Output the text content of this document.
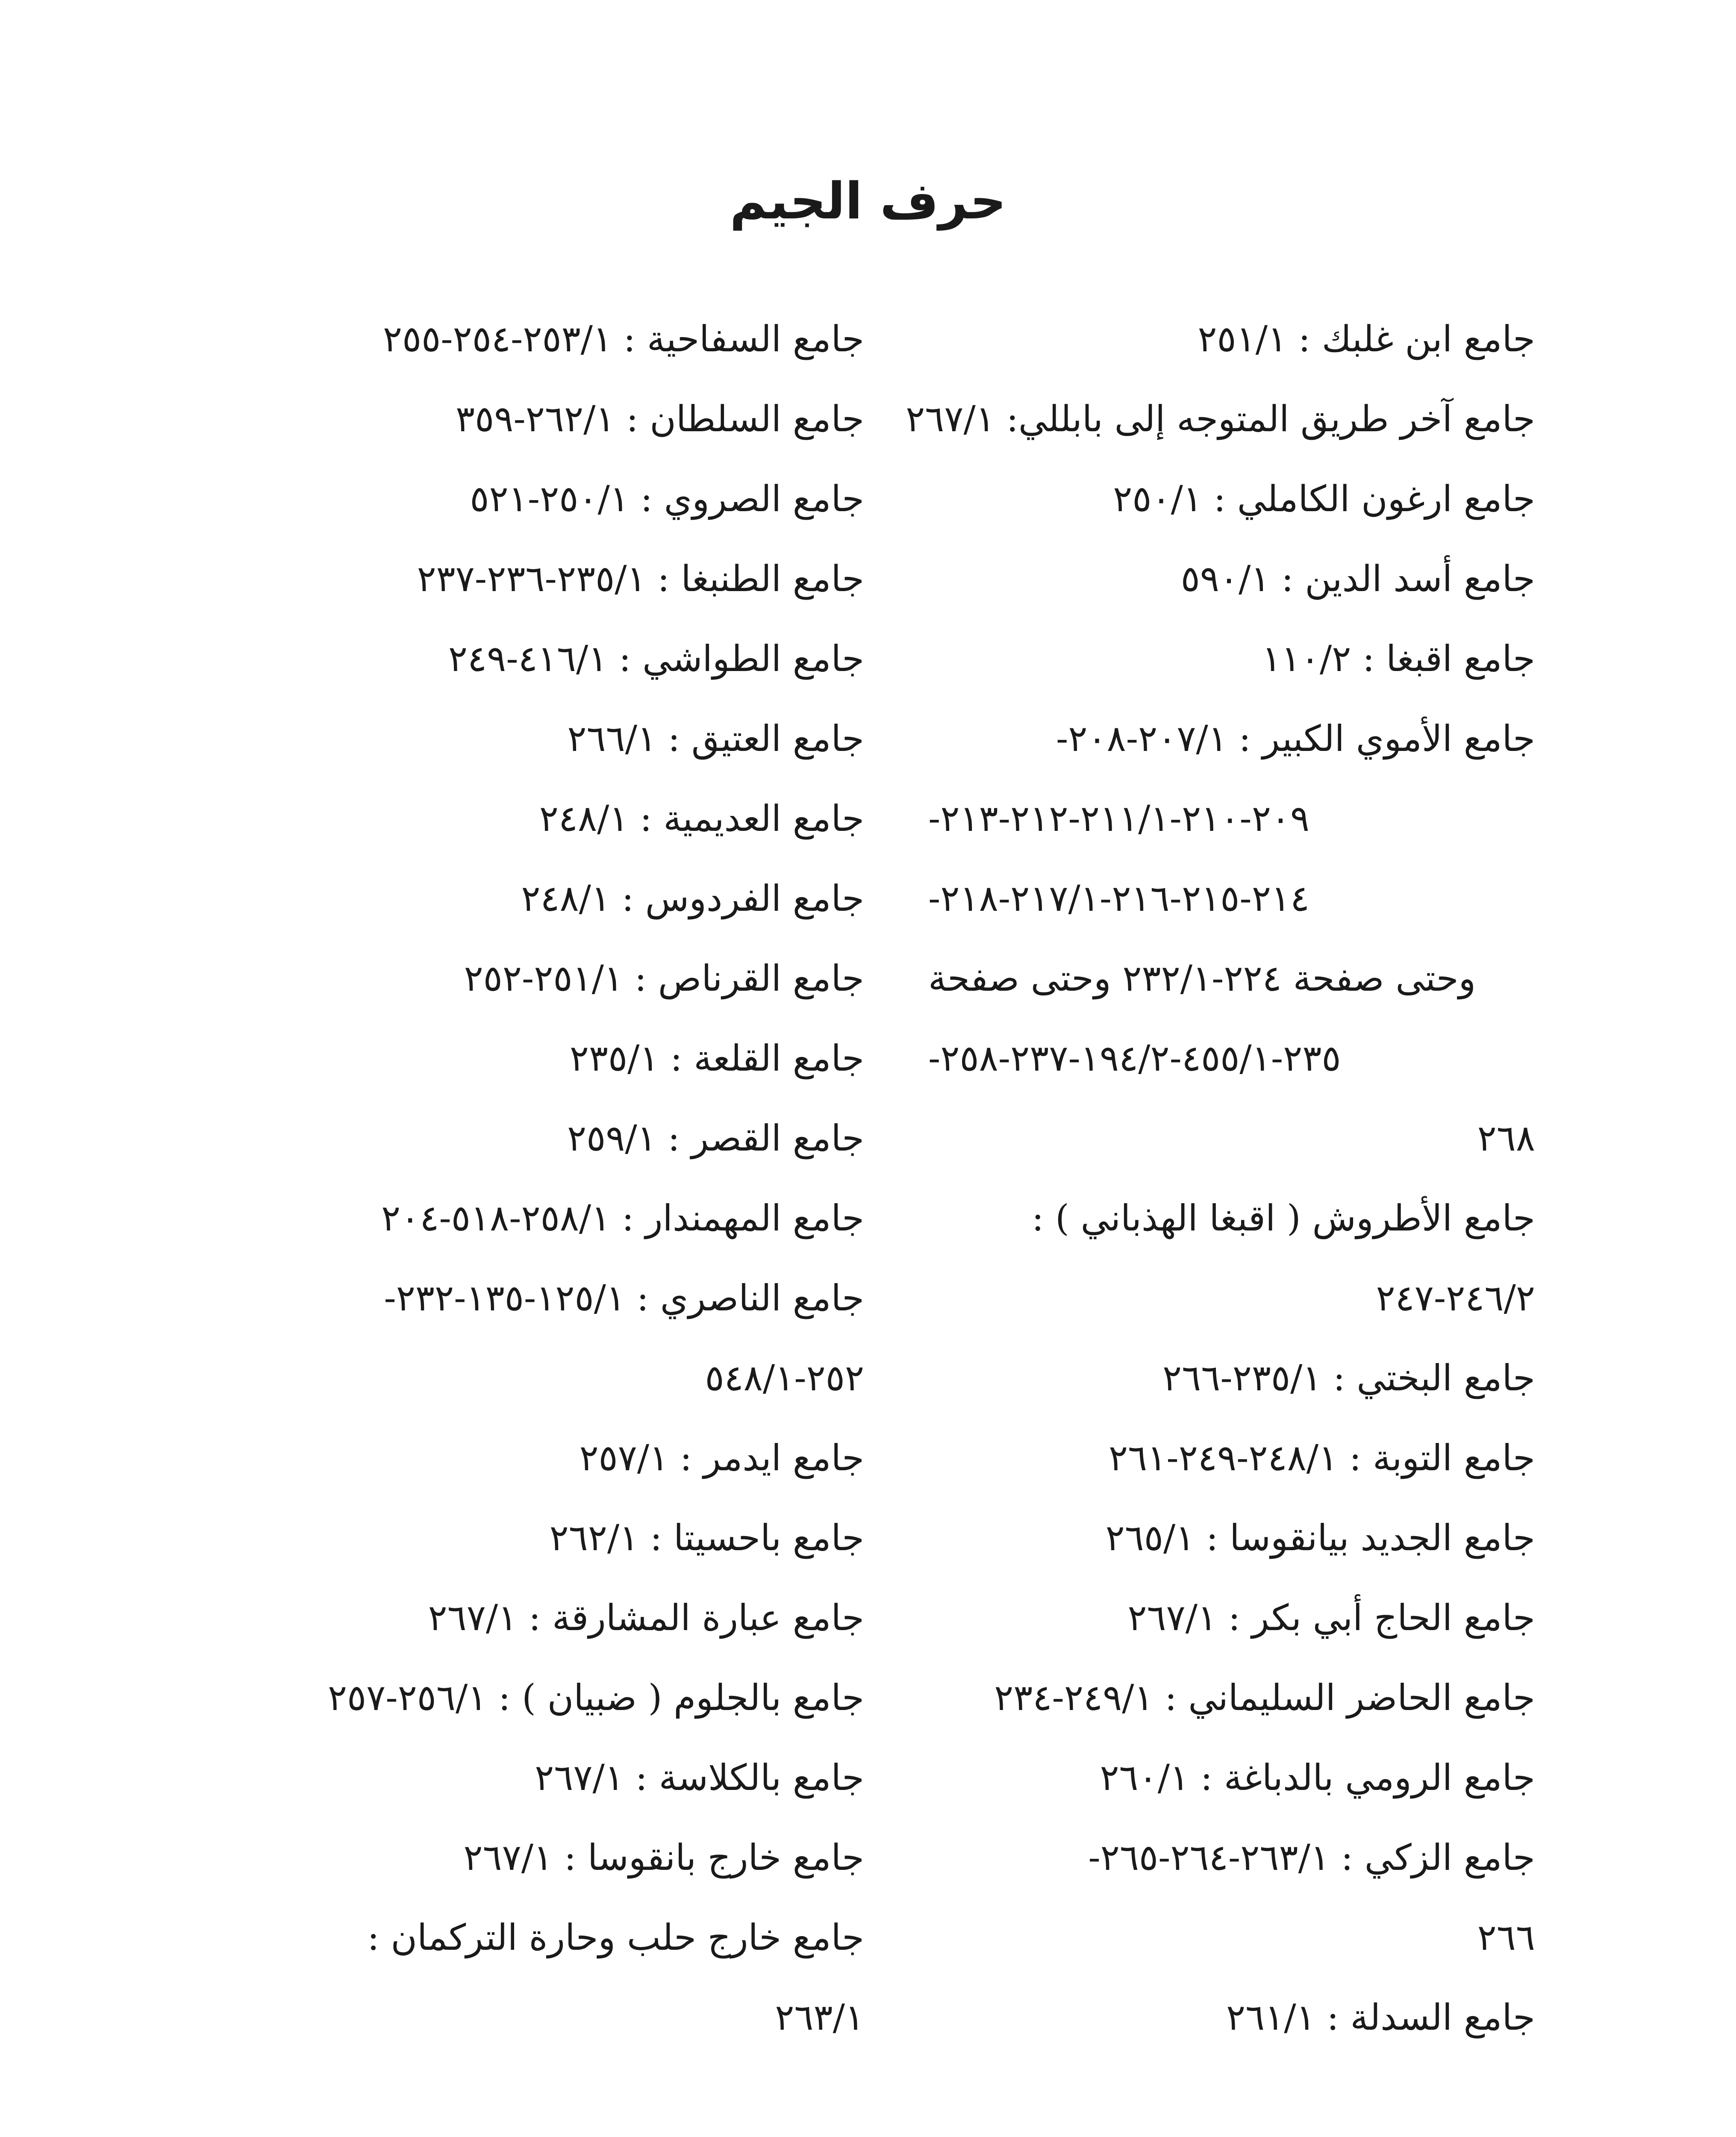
حرف الجيم
جامع ابن غلبك : ٢٥١/١
جامع آخر طريق المتوجه إلى بابللي: ٢٦٧/١
جامع ارغون الكاملي : ٢٥٠/١
جامع أسد الدين : ٥٩٠/١
جامع اقبغا : ١١٠/٢
جامع الأموي الكبير : ٢٠٧/١-٢٠٨-
٢٠٩-٢١٠-٢١١/١-٢١٢-٢١٣-
٢١٤-٢١٥-٢١٦-٢١٧/١-٢١٨-
وحتى صفحة ٢٢٤-٢٣٢/١ وحتى صفحة
٢٣٥-٤٥٥/١-١٩٤/٢-٢٣٧-٢٥٨-
٢٦٨
جامع الأطروش ( اقبغا الهذباني ) :
٢٤٦/٢-٢٤٧
جامع البختي : ٢٣٥/١-٢٦٦
جامع التوبة : ٢٤٨/١-٢٤٩-٢٦١
جامع الجديد بيانقوسا : ٢٦٥/١
جامع الحاج أبي بكر : ٢٦٧/١
جامع الحاضر السليماني : ٢٤٩/١-٢٣٤
جامع الرومي بالدباغة : ٢٦٠/١
جامع الزكي : ٢٦٣/١-٢٦٤-٢٦٥-
٢٦٦
جامع السدلة : ٢٦١/١
جامع السفاحية : ٢٥٣/١-٢٥٤-٢٥٥
جامع السلطان : ٢٦٢/١-٣٥٩
جامع الصروي : ٢٥٠/١-٥٢١
جامع الطنبغا : ٢٣٥/١-٢٣٦-٢٣٧
جامع الطواشي : ٤١٦/١-٢٤٩
جامع العتيق : ٢٦٦/١
جامع العديمية : ٢٤٨/١
جامع الفردوس : ٢٤٨/١
جامع القرناص : ٢٥١/١-٢٥٢
جامع القلعة : ٢٣٥/١
جامع القصر : ٢٥٩/١
جامع المهمندار : ٢٥٨/١-٥١٨-٢٠٤
جامع الناصري : ١٢٥/١-١٣٥-٢٣٢-
٢٥٢-٥٤٨/١
جامع ايدمر : ٢٥٧/١
جامع باحسيتا : ٢٦٢/١
جامع عبارة المشارقة : ٢٦٧/١
جامع بالجلوم ( ضبيان ) : ٢٥٦/١-٢٥٧
جامع بالكلاسة : ٢٦٧/١
جامع خارج بانقوسا : ٢٦٧/١
جامع خارج حلب وحارة التركمان :
٢٦٣/١
